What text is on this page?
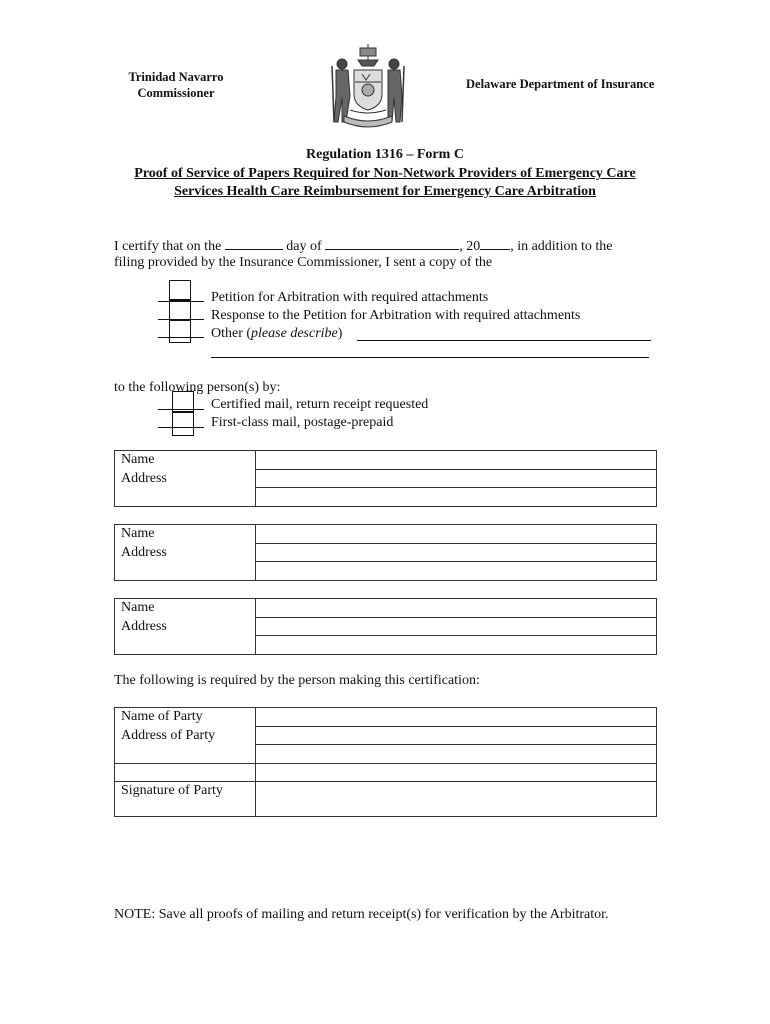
Trinidad Navarro
Commissioner
Delaware Department of Insurance
Regulation 1316 – Form C
Proof of Service of Papers Required for Non-Network Providers of Emergency Care
Services Health Care Reimbursement for Emergency Care Arbitration
I certify that on the	day of	, 20 , in addition to the
filing provided by the Insurance Commissioner, I sent a copy of the
Petition for Arbitration with required attachments
Response to the Petition for Arbitration with required attachments
Other (please describe)
to the following person(s) by:
Certified mail, return receipt requested
First-class mail, postage-prepaid
Name
Address

Name
Address

Name
Address

The following is required by the person making this certification:
Name of Party
Address of Party	

Signature of Party	
NOTE: Save all proofs of mailing and return receipt(s) for verification by the Arbitrator.
